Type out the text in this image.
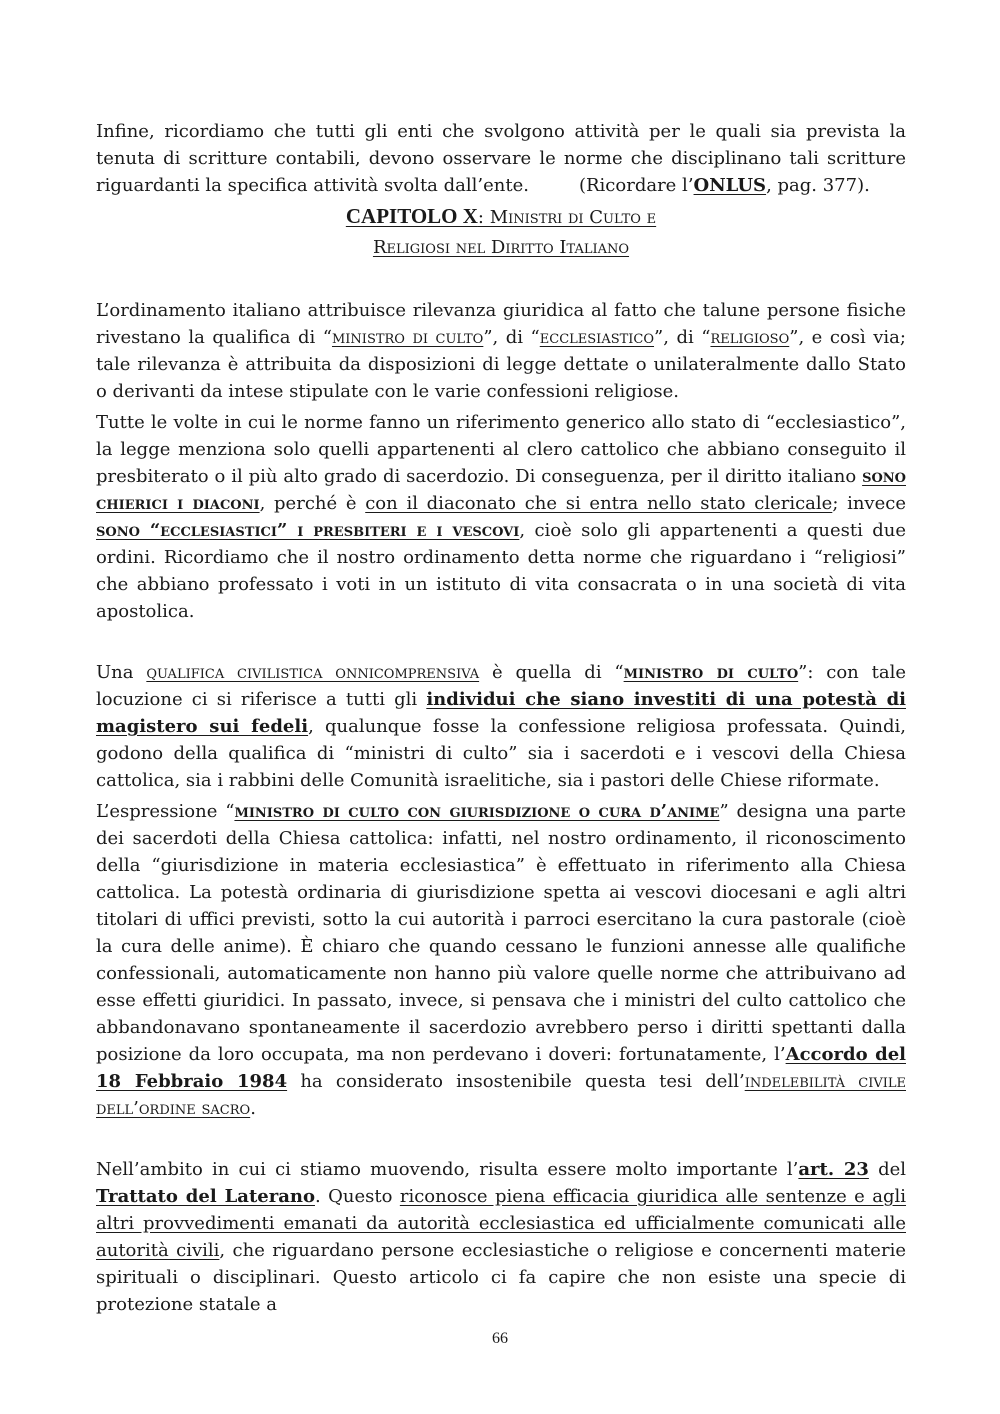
Infine, ricordiamo che tutti gli enti che svolgono attività per le quali sia prevista la tenuta di scritture contabili, devono osservare le norme che disciplinano tali scritture riguardanti la specifica attività svolta dall’ente.	(Ricordare l’ONLUS, pag. 377).

CAPITOLO X: Ministri di Culto e
Religiosi nel Diritto Italiano

L’ordinamento italiano attribuisce rilevanza giuridica al fatto che talune persone fisiche rivestano la qualifica di “ministro di culto”, di “ecclesiastico”, di “religioso”, e così via; tale rilevanza è attribuita da disposizioni di legge dettate o unilateralmente dallo Stato o derivanti da intese stipulate con le varie confessioni religiose.

Tutte le volte in cui le norme fanno un riferimento generico allo stato di “ecclesiastico”, la legge menziona solo quelli appartenenti al clero cattolico che abbiano conseguito il presbiterato o il più alto grado di sacerdozio. Di conseguenza, per il diritto italiano sono chierici i diaconi, perché è con il diaconato che si entra nello stato clericale; invece sono “ecclesiastici” i presbiteri e i vescovi, cioè solo gli appartenenti a questi due ordini. Ricordiamo che il nostro ordinamento detta norme che riguardano i “religiosi” che abbiano professato i voti in un istituto di vita consacrata o in una società di vita apostolica.

Una qualifica civilistica onnicomprensiva è quella di “ministro di culto”: con tale locuzione ci si riferisce a tutti gli individui che siano investiti di una potestà di magistero sui fedeli, qualunque fosse la confessione religiosa professata. Quindi, godono della qualifica di “ministri di culto” sia i sacerdoti e i vescovi della Chiesa cattolica, sia i rabbini delle Comunità israelitiche, sia i pastori delle Chiese riformate.

L’espressione “ministro di culto con giurisdizione o cura d’anime” designa una parte dei sacerdoti della Chiesa cattolica: infatti, nel nostro ordinamento, il riconoscimento della “giurisdizione in materia ecclesiastica” è effettuato in riferimento alla Chiesa cattolica. La potestà ordinaria di giurisdizione spetta ai vescovi diocesani e agli altri titolari di uffici previsti, sotto la cui autorità i parroci esercitano la cura pastorale (cioè la cura delle anime). È chiaro che quando cessano le funzioni annesse alle qualifiche confessionali, automaticamente non hanno più valore quelle norme che attribuivano ad esse effetti giuridici. In passato, invece, si pensava che i ministri del culto cattolico che abbandonavano spontaneamente il sacerdozio avrebbero perso i diritti spettanti dalla posizione da loro occupata, ma non perdevano i doveri: fortunatamente, l’Accordo del 18 Febbraio 1984 ha considerato insostenibile questa tesi dell’indelebilità civile dell’ordine sacro.

Nell’ambito in cui ci stiamo muovendo, risulta essere molto importante l’art. 23 del Trattato del Laterano. Questo riconosce piena efficacia giuridica alle sentenze e agli altri provvedimenti emanati da autorità ecclesiastica ed ufficialmente comunicati alle autorità civili, che riguardano persone ecclesiastiche o religiose e concernenti materie spirituali o disciplinari. Questo articolo ci fa capire che non esiste una specie di protezione statale a

66
